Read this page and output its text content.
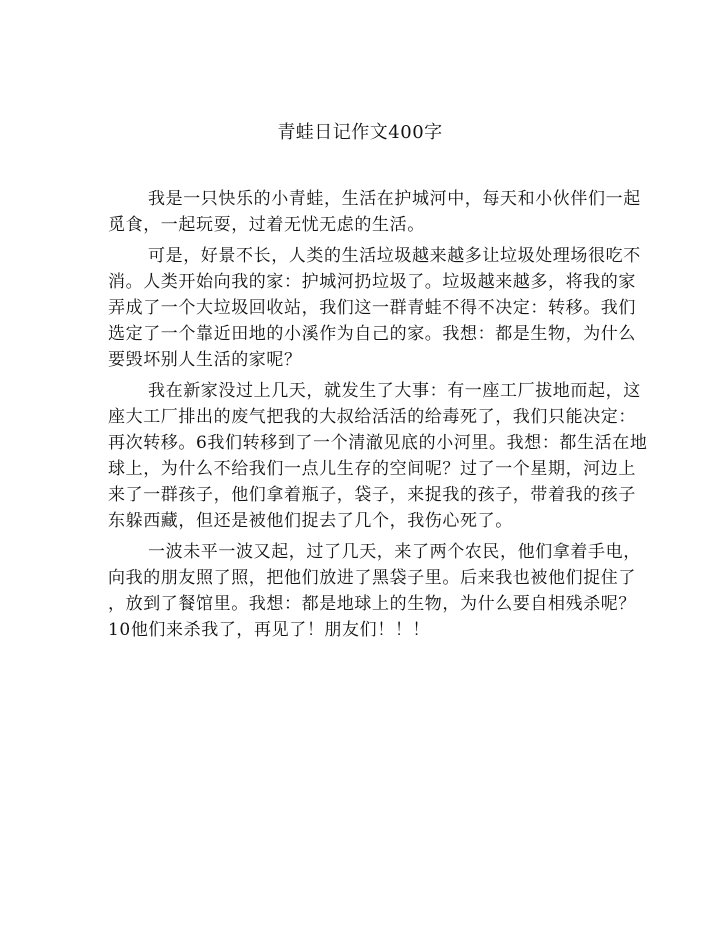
青蛙日记作文400字
我是一只快乐的小青蛙，生活在护城河中，每天和小伙伴们一起
觅食，一起玩耍，过着无忧无虑的生活。
可是，好景不长，人类的生活垃圾越来越多让垃圾处理场很吃不
消。人类开始向我的家：护城河扔垃圾了。垃圾越来越多，将我的家
弄成了一个大垃圾回收站，我们这一群青蛙不得不决定：转移。我们
选定了一个靠近田地的小溪作为自己的家。我想：都是生物，为什么
要毁坏别人生活的家呢？
我在新家没过上几天，就发生了大事：有一座工厂拔地而起，这
座大工厂排出的废气把我的大叔给活活的给毒死了，我们只能决定：
再次转移。6我们转移到了一个清澈见底的小河里。我想：都生活在地
球上，为什么不给我们一点儿生存的空间呢？过了一个星期，河边上
来了一群孩子，他们拿着瓶子，袋子，来捉我的孩子，带着我的孩子
东躲西藏，但还是被他们捉去了几个，我伤心死了。
一波未平一波又起，过了几天，来了两个农民，他们拿着手电，
向我的朋友照了照，把他们放进了黑袋子里。后来我也被他们捉住了
，放到了餐馆里。我想：都是地球上的生物，为什么要自相残杀呢？
10他们来杀我了，再见了！朋友们！！！
